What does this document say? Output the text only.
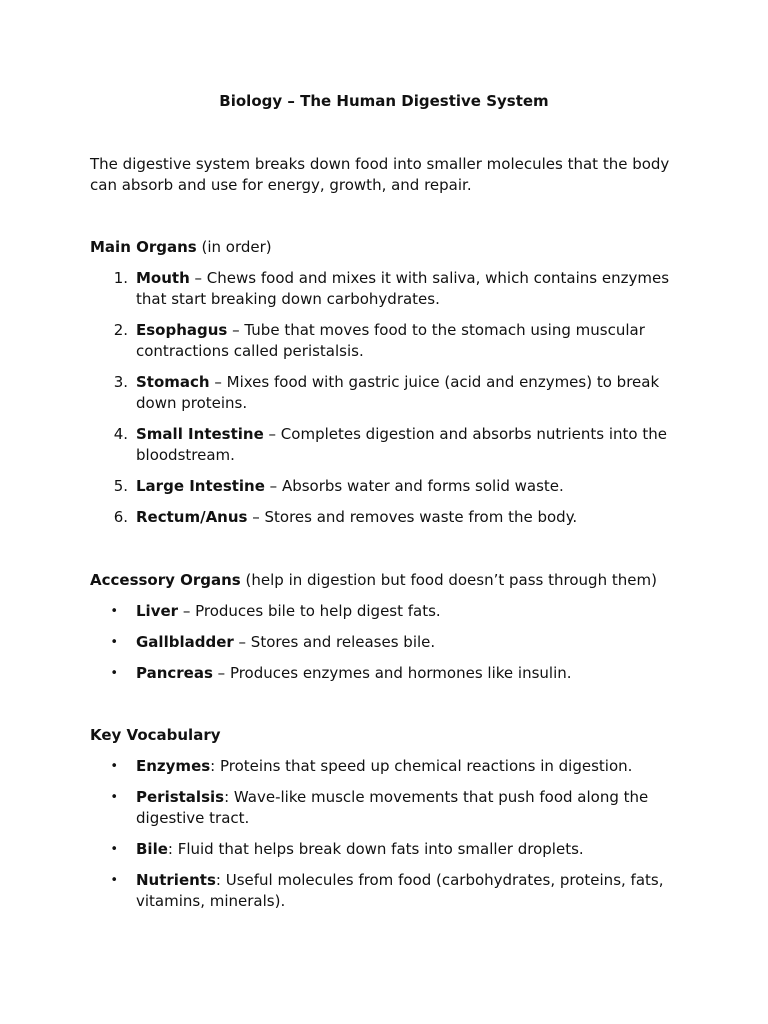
Biology – The Human Digestive System

The digestive system breaks down food into smaller molecules that the body can absorb and use for energy, growth, and repair.

Main Organs (in order)

1. Mouth – Chews food and mixes it with saliva, which contains enzymes that start breaking down carbohydrates.
2. Esophagus – Tube that moves food to the stomach using muscular contractions called peristalsis.
3. Stomach – Mixes food with gastric juice (acid and enzymes) to break down proteins.
4. Small Intestine – Completes digestion and absorbs nutrients into the bloodstream.
5. Large Intestine – Absorbs water and forms solid waste.
6. Rectum/Anus – Stores and removes waste from the body.

Accessory Organs (help in digestion but food doesn’t pass through them)

• Liver – Produces bile to help digest fats.
• Gallbladder – Stores and releases bile.
• Pancreas – Produces enzymes and hormones like insulin.

Key Vocabulary

• Enzymes: Proteins that speed up chemical reactions in digestion.
• Peristalsis: Wave-like muscle movements that push food along the digestive tract.
• Bile: Fluid that helps break down fats into smaller droplets.
• Nutrients: Useful molecules from food (carbohydrates, proteins, fats, vitamins, minerals).
